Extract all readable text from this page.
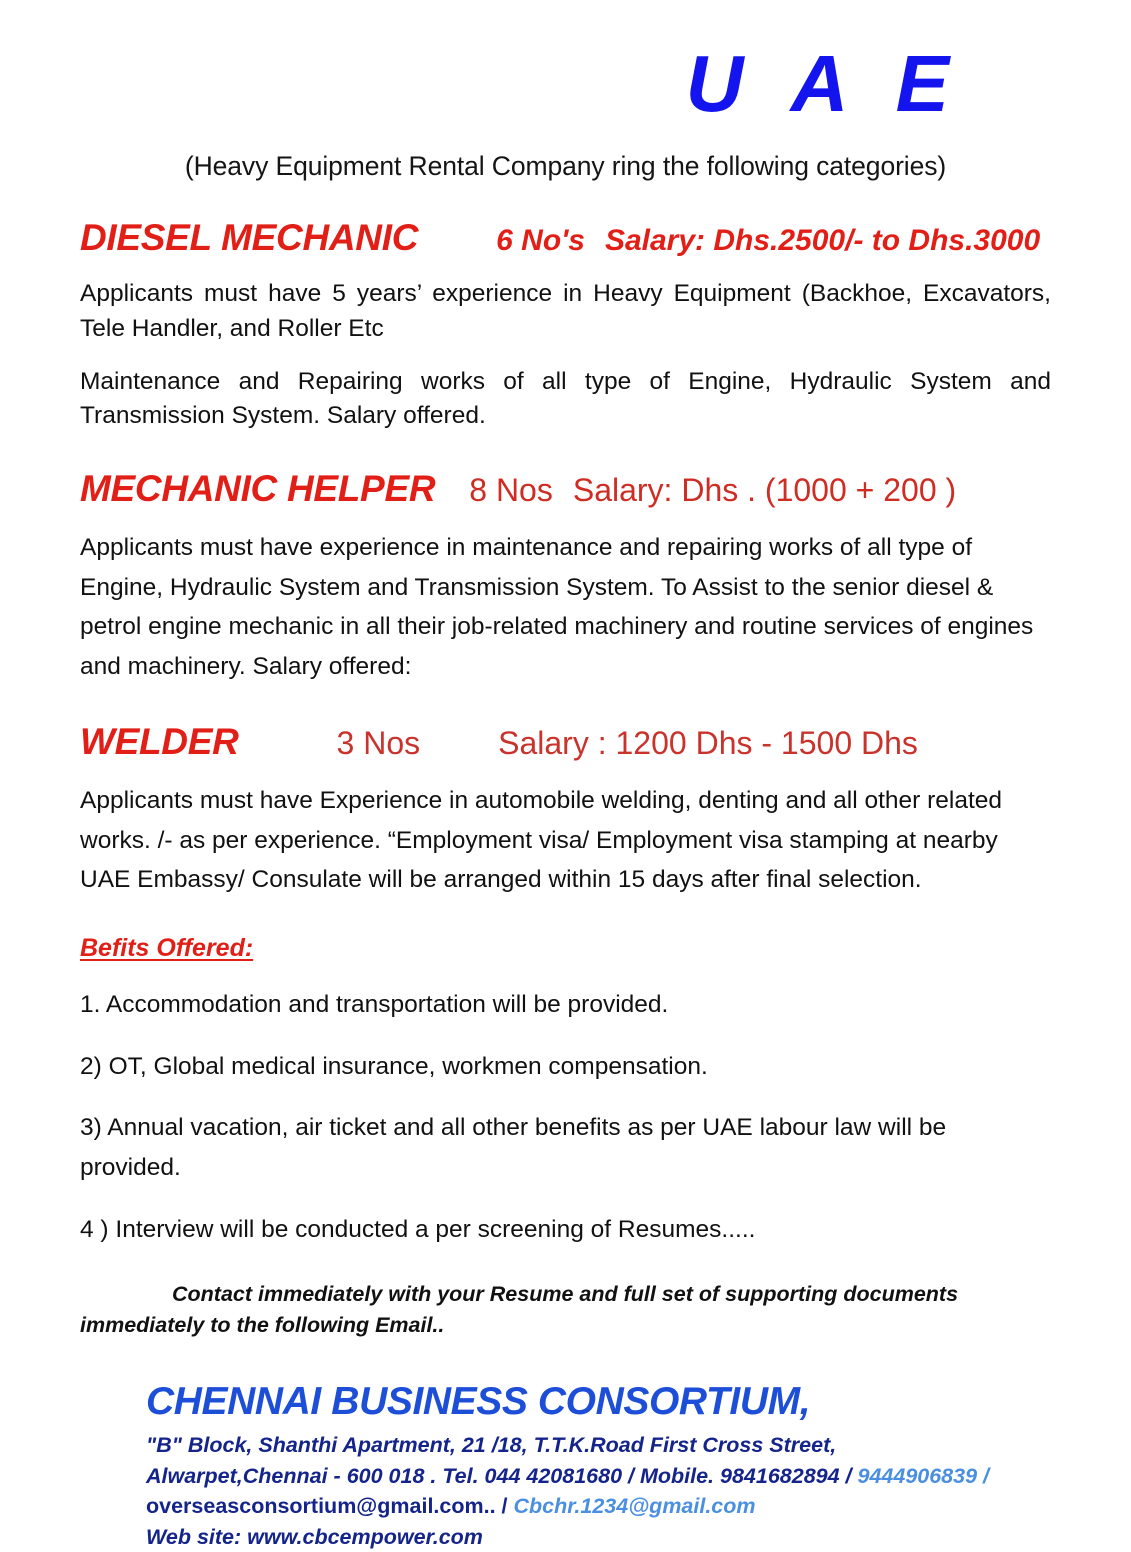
U A E
(Heavy Equipment Rental Company ring the following categories)
DIESEL MECHANIC	6 No's Salary: Dhs.2500/- to Dhs.3000
Applicants must have 5 years’ experience in Heavy Equipment (Backhoe, Excavators, Tele Handler, and Roller Etc
Maintenance and Repairing works of all type of Engine, Hydraulic System and Transmission System. Salary offered.
MECHANIC HELPER 8 Nos Salary: Dhs . (1000 + 200 )
Applicants must have experience in maintenance and repairing works of all type of Engine, Hydraulic System and Transmission System. To Assist to the senior diesel & petrol engine mechanic in all their job-related machinery and routine services of engines and machinery. Salary offered:
WELDER	3 Nos Salary : 1200 Dhs - 1500 Dhs
Applicants must have Experience in automobile welding, denting and all other related works. /- as per experience. “Employment visa/ Employment visa stamping at nearby UAE Embassy/ Consulate will be arranged within 15 days after final selection.
Befits Offered:
1. Accommodation and transportation will be provided.
2) OT, Global medical insurance, workmen compensation.
3) Annual vacation, air ticket and all other benefits as per UAE labour law will be provided.
4 ) Interview will be conducted a per screening of Resumes.....
Contact immediately with your Resume and full set of supporting documents immediately to the following Email..
CHENNAI BUSINESS CONSORTIUM,
"B" Block, Shanthi Apartment, 21 /18, T.T.K.Road First Cross Street,
Alwarpet,Chennai - 600 018 . Tel. 044 42081680 / Mobile. 9841682894 / 9444906839 /
overseasconsortium@gmail.com.. / Cbchr.1234@gmail.com
Web site: www.cbcempower.com
